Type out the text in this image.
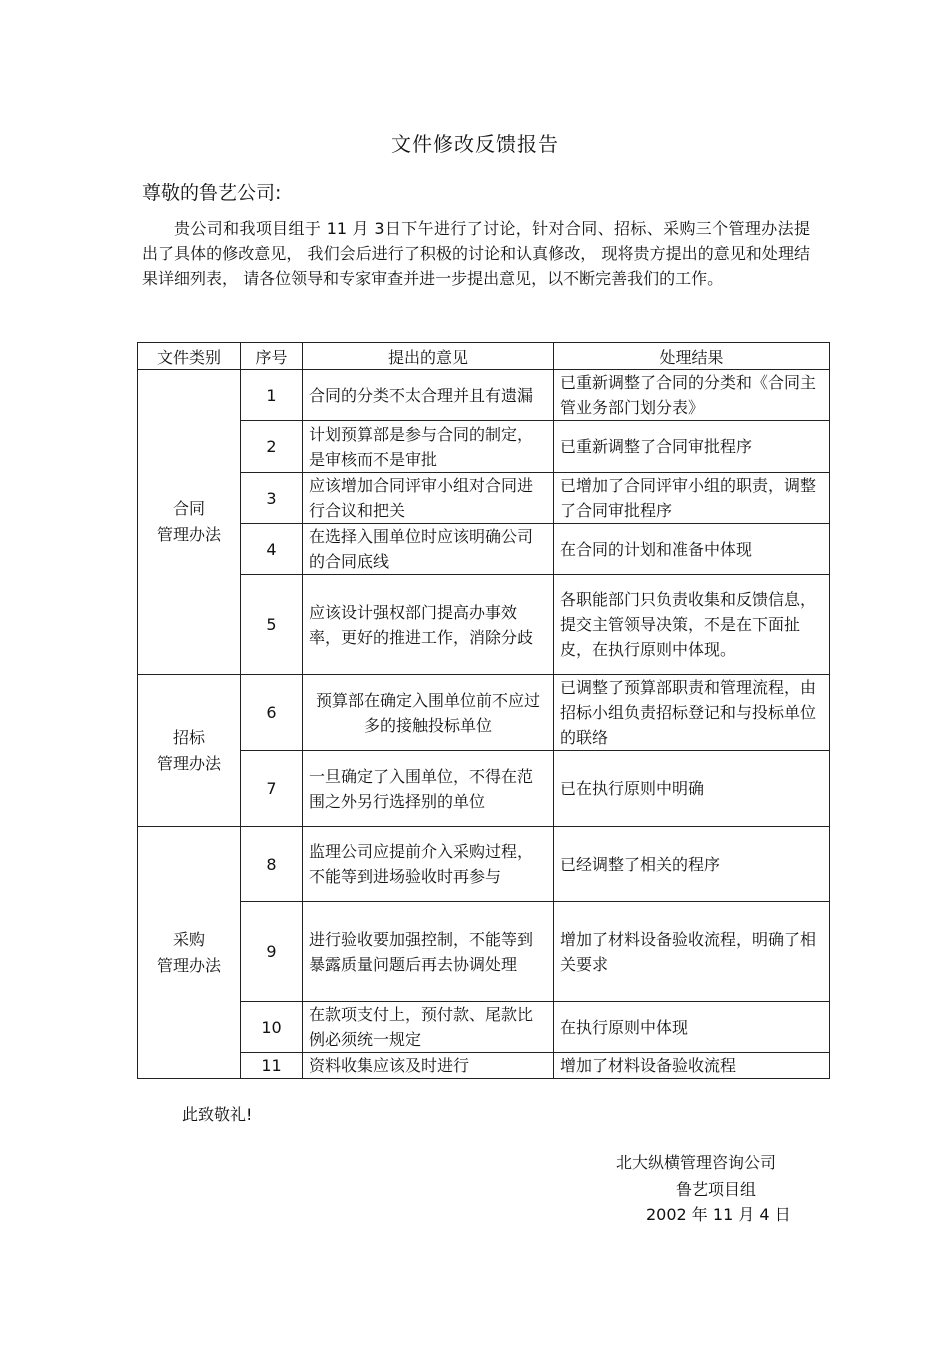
文件修改反馈报告
尊敬的鲁艺公司:
贵公司和我项目组于 11 月 3日下午进行了讨论，针对合同、招标、采购三个管理办法提出了具体的修改意见， 我们会后进行了积极的讨论和认真修改， 现将贵方提出的意见和处理结果详细列表， 请各位领导和专家审查并进一步提出意见，以不断完善我们的工作。
文件类别	序号	提出的意见	处理结果

合同
管理办法	1	合同的分类不太合理并且有遗漏	已重新调整了合同的分类和《合同主管业务部门划分表》
	2	计划预算部是参与合同的制定，是审核而不是审批	已重新调整了合同审批程序
	3	应该增加合同评审小组对合同进行合议和把关	已增加了合同评审小组的职责，调整了合同审批程序
	4	在选择入围单位时应该明确公司的合同底线	在合同的计划和准备中体现
	5	应该设计强权部门提高办事效率，更好的推进工作，消除分歧	各职能部门只负责收集和反馈信息，提交主管领导决策，不是在下面扯皮，在执行原则中体现。

招标
管理办法	6	预算部在确定入围单位前不应过多的接触投标单位	已调整了预算部职责和管理流程，由招标小组负责招标登记和与投标单位的联络
	7	一旦确定了入围单位，不得在范围之外另行选择别的单位	已在执行原则中明确

采购
管理办法	8	监理公司应提前介入采购过程，不能等到进场验收时再参与	已经调整了相关的程序
	9	进行验收要加强控制，不能等到暴露质量问题后再去协调处理	增加了材料设备验收流程，明确了相关要求
	10	在款项支付上，预付款、尾款比例必须统一规定	在执行原则中体现
	11	资料收集应该及时进行	增加了材料设备验收流程
此致敬礼!
北大纵横管理咨询公司
鲁艺项目组
2002 年 11 月 4 日
